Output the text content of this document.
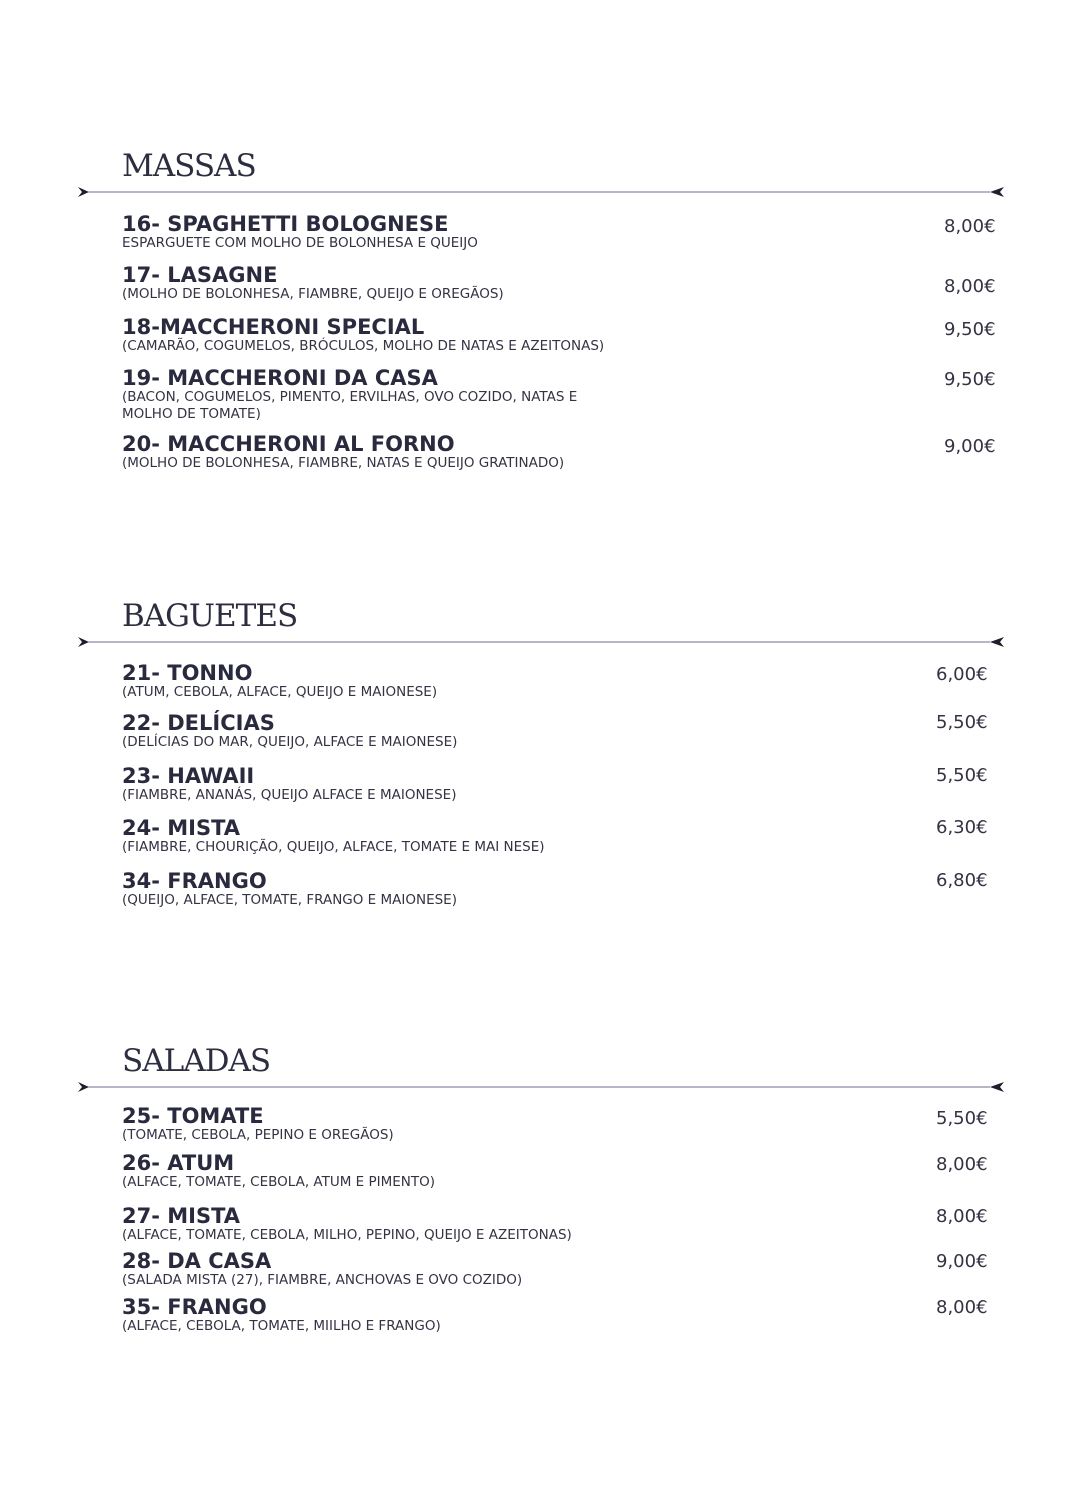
MASSAS
16- SPAGHETTI BOLOGNESE
ESPARGUETE COM MOLHO DE BOLONHESA E QUEIJO
8,00€
17- LASAGNE
(MOLHO DE BOLONHESA, FIAMBRE, QUEIJO E OREGÃOS)	8,00€
18-MACCHERONI SPECIAL
(CAMARÃO, COGUMELOS, BRÓCULOS, MOLHO DE NATAS E AZEITONAS)
9,50€
19- MACCHERONI DA CASA
(BACON, COGUMELOS, PIMENTO, ERVILHAS, OVO COZIDO, NATAS E
MOLHO DE TOMATE)
9,50€
20- MACCHERONI AL FORNO
(MOLHO DE BOLONHESA, FIAMBRE, NATAS E QUEIJO GRATINADO)
9,00€
BAGUETES
21- TONNO
(ATUM, CEBOLA, ALFACE, QUEIJO E MAIONESE)
6,00€
22- DELÍCIAS
(DELÍCIAS DO MAR, QUEIJO, ALFACE E MAIONESE)
5,50€
23- HAWAII
(FIAMBRE, ANANÁS, QUEIJO ALFACE E MAIONESE)
5,50€
24- MISTA
(FIAMBRE, CHOURIÇÃO, QUEIJO, ALFACE, TOMATE E MAI NESE)
6,30€
34- FRANGO
(QUEIJO, ALFACE, TOMATE, FRANGO E MAIONESE)
6,80€
SALADAS
25- TOMATE
(TOMATE, CEBOLA, PEPINO E OREGÃOS)
5,50€
26- ATUM
(ALFACE, TOMATE, CEBOLA, ATUM E PIMENTO)
8,00€
27- MISTA
(ALFACE, TOMATE, CEBOLA, MILHO, PEPINO, QUEIJO E AZEITONAS)
8,00€
28- DA CASA
(SALADA MISTA (27), FIAMBRE, ANCHOVAS E OVO COZIDO)
9,00€
35- FRANGO
(ALFACE, CEBOLA, TOMATE, MIILHO E FRANGO)
8,00€
